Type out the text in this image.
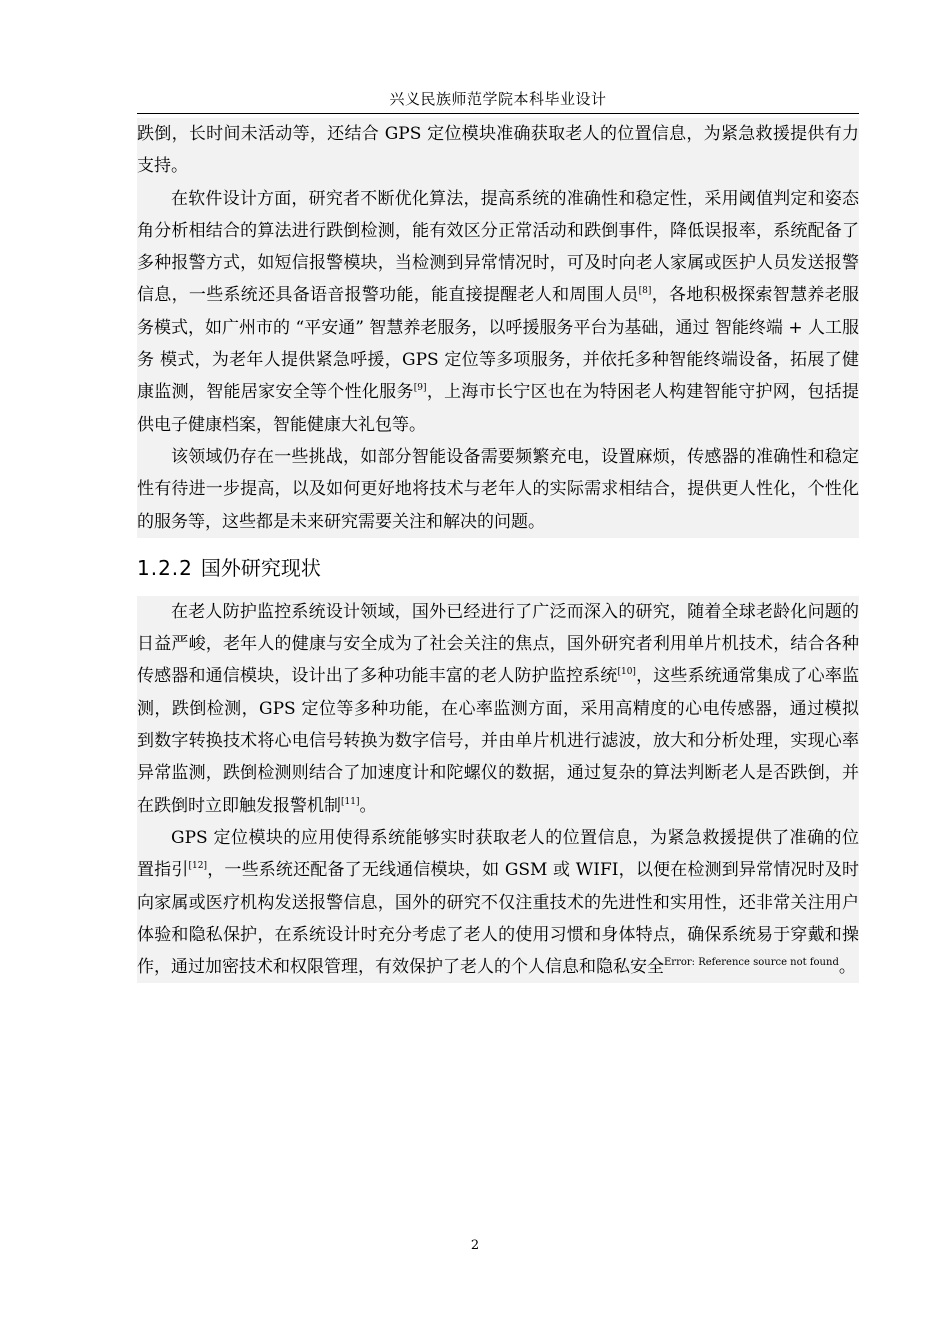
兴义民族师范学院本科毕业设计

跌倒，长时间未活动等，还结合 GPS 定位模块准确获取老人的位置信息，为紧急救援提供有力支持。

在软件设计方面，研究者不断优化算法，提高系统的准确性和稳定性，采用阈值判定和姿态角分析相结合的算法进行跌倒检测，能有效区分正常活动和跌倒事件，降低误报率，系统配备了多种报警方式，如短信报警模块，当检测到异常情况时，可及时向老人家属或医护人员发送报警信息，一些系统还具备语音报警功能，能直接提醒老人和周围人员[8]，各地积极探索智慧养老服务模式，如广州市的 “平安通” 智慧养老服务，以呼援服务平台为基础，通过 智能终端 + 人工服务 模式，为老年人提供紧急呼援，GPS 定位等多项服务，并依托多种智能终端设备，拓展了健康监测，智能居家安全等个性化服务[9]，上海市长宁区也在为特困老人构建智能守护网，包括提供电子健康档案，智能健康大礼包等。

该领域仍存在一些挑战，如部分智能设备需要频繁充电，设置麻烦，传感器的准确性和稳定性有待进一步提高，以及如何更好地将技术与老年人的实际需求相结合，提供更人性化，个性化的服务等，这些都是未来研究需要关注和解决的问题。

1.2.2 国外研究现状

在老人防护监控系统设计领域，国外已经进行了广泛而深入的研究，随着全球老龄化问题的日益严峻，老年人的健康与安全成为了社会关注的焦点，国外研究者利用单片机技术，结合各种传感器和通信模块，设计出了多种功能丰富的老人防护监控系统[10]，这些系统通常集成了心率监测，跌倒检测，GPS 定位等多种功能，在心率监测方面，采用高精度的心电传感器，通过模拟到数字转换技术将心电信号转换为数字信号，并由单片机进行滤波，放大和分析处理，实现心率异常监测，跌倒检测则结合了加速度计和陀螺仪的数据，通过复杂的算法判断老人是否跌倒，并在跌倒时立即触发报警机制[11]。

GPS 定位模块的应用使得系统能够实时获取老人的位置信息，为紧急救援提供了准确的位置指引[12]，一些系统还配备了无线通信模块，如 GSM 或 WIFI，以便在检测到异常情况时及时向家属或医疗机构发送报警信息，国外的研究不仅注重技术的先进性和实用性，还非常关注用户体验和隐私保护，在系统设计时充分考虑了老人的使用习惯和身体特点，确保系统易于穿戴和操作，通过加密技术和权限管理，有效保护了老人的个人信息和隐私安全$^{Error: Reference source not found}$。

2
